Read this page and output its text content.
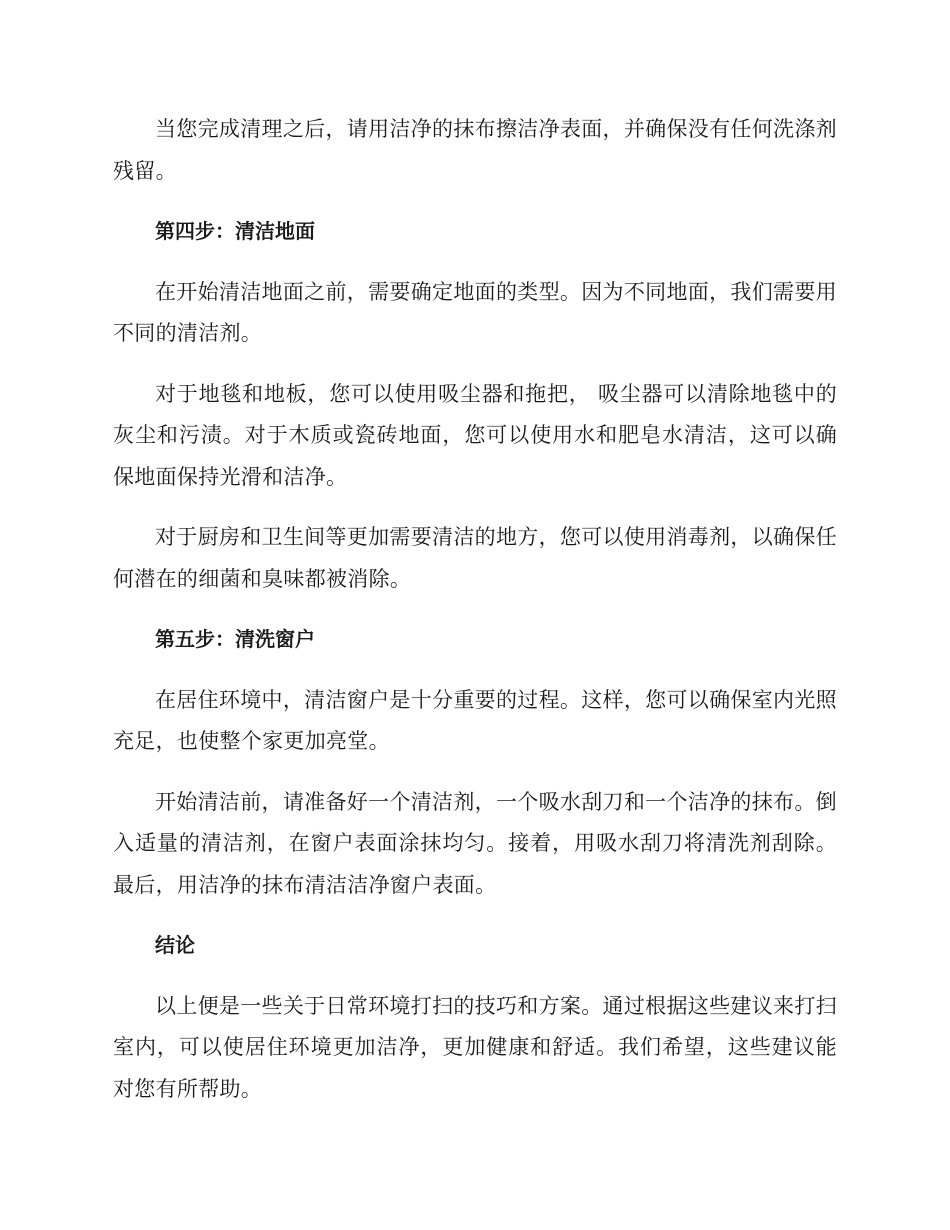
当您完成清理之后，请用洁净的抹布擦洁净表面，并确保没有任何洗涤剂残留。

第四步：清洁地面

在开始清洁地面之前，需要确定地面的类型。因为不同地面，我们需要用不同的清洁剂。

对于地毯和地板，您可以使用吸尘器和拖把， 吸尘器可以清除地毯中的灰尘和污渍。对于木质或瓷砖地面，您可以使用水和肥皂水清洁，这可以确保地面保持光滑和洁净。

对于厨房和卫生间等更加需要清洁的地方，您可以使用消毒剂，以确保任何潜在的细菌和臭味都被消除。

第五步：清洗窗户

在居住环境中，清洁窗户是十分重要的过程。这样，您可以确保室内光照充足，也使整个家更加亮堂。

开始清洁前，请准备好一个清洁剂，一个吸水刮刀和一个洁净的抹布。倒入适量的清洁剂，在窗户表面涂抹均匀。接着，用吸水刮刀将清洗剂刮除。最后，用洁净的抹布清洁洁净窗户表面。

结论

以上便是一些关于日常环境打扫的技巧和方案。通过根据这些建议来打扫室内，可以使居住环境更加洁净，更加健康和舒适。我们希望，这些建议能对您有所帮助。
